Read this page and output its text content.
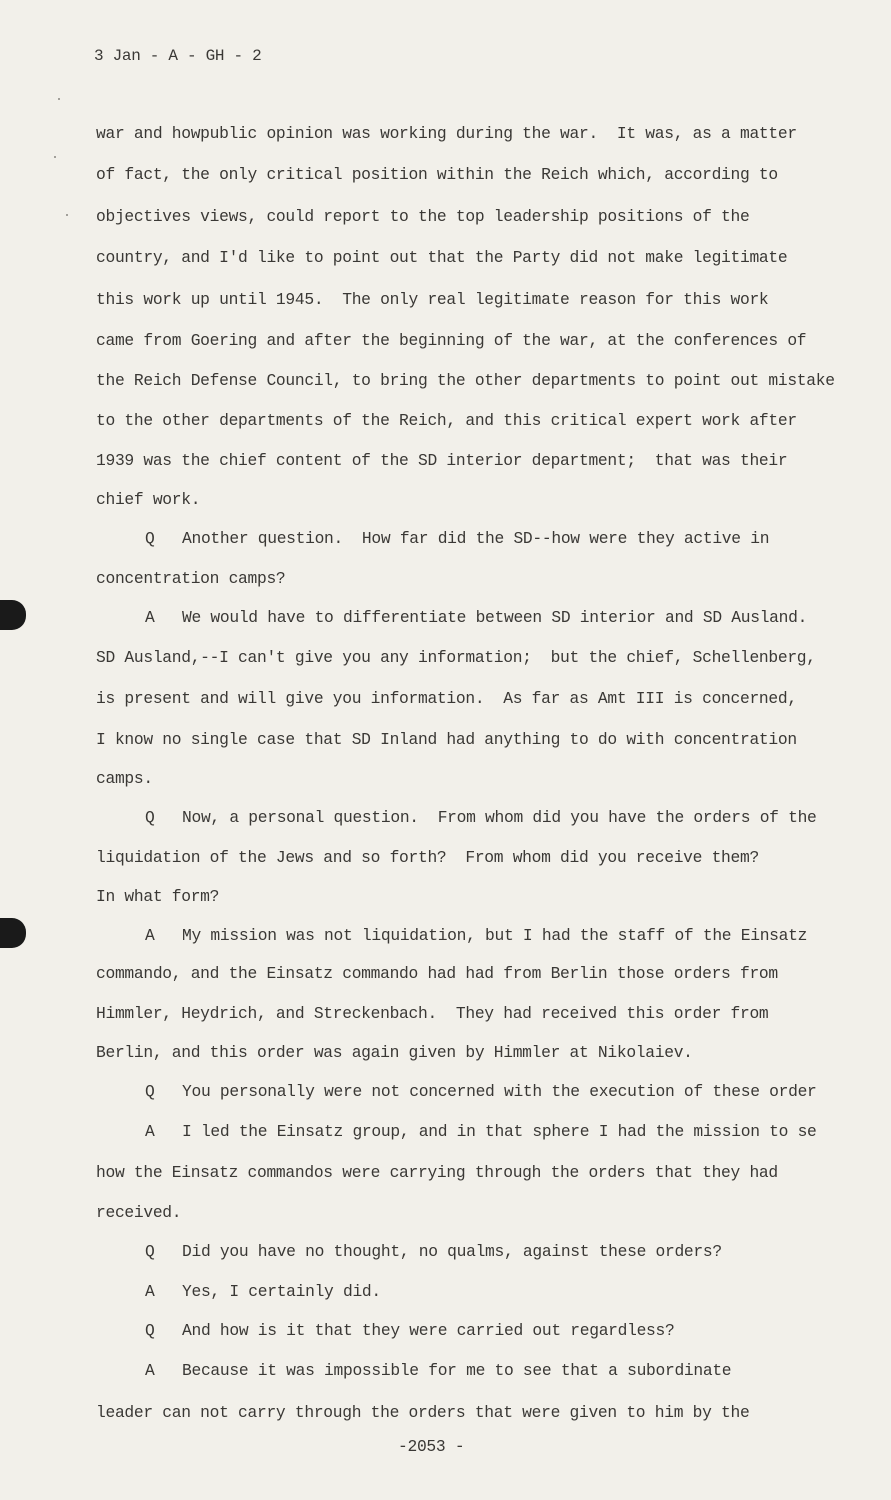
3 Jan - A - GH - 2
war and howpublic opinion was working during the war.  It was, as a matter
of fact, the only critical position within the Reich which, according to
objectives views, could report to the top leadership positions of the
country, and I'd like to point out that the Party did not make legitimate
this work up until 1945.  The only real legitimate reason for this work
came from Goering and after the beginning of the war, at the conferences of
the Reich Defense Council, to bring the other departments to point out mistake
to the other departments of the Reich, and this critical expert work after
1939 was the chief content of the SD interior department;  that was their
chief work.
Q Another question.  How far did the SD--how were they active in
concentration camps?
A We would have to differentiate between SD interior and SD Ausland.
SD Ausland,--I can't give you any information;  but the chief, Schellenberg,
is present and will give you information.  As far as Amt III is concerned,
I know no single case that SD Inland had anything to do with concentration
camps.
Q Now, a personal question.  From whom did you have the orders of the
liquidation of the Jews and so forth?  From whom did you receive them?
In what form?
A My mission was not liquidation, but I had the staff of the Einsatz
commando, and the Einsatz commando had had from Berlin those orders from
Himmler, Heydrich, and Streckenbach.  They had received this order from
Berlin, and this order was again given by Himmler at Nikolaiev.
Q You personally were not concerned with the execution of these order
A I led the Einsatz group, and in that sphere I had the mission to se
how the Einsatz commandos were carrying through the orders that they had
received.
Q Did you have no thought, no qualms, against these orders?
A Yes, I certainly did.
Q And how is it that they were carried out regardless?
A Because it was impossible for me to see that a subordinate
leader can not carry through the orders that were given to him by the
-2053 -
